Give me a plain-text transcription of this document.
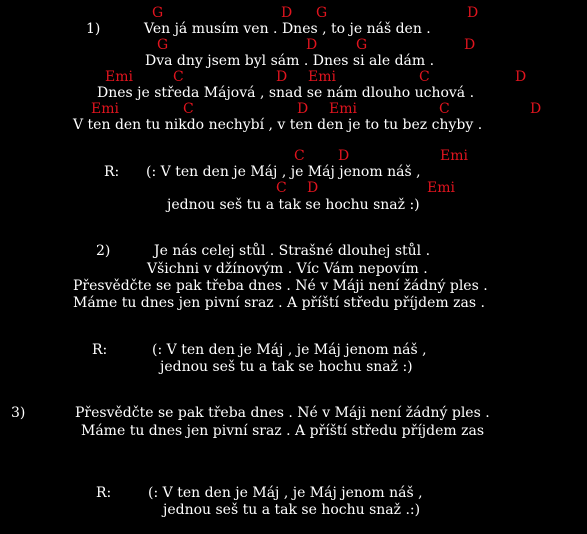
G

	D

G

	D

1)

	Ven já musím ven . Dnes , to je náš den .

G

	D

	G

	D

Dva dny jsem byl sám . Dnes si ale dám .

Emi

	C

	D

Emi

	C

	D

Dnes je středa Májová , snad se nám dlouho uchová .

Emi

	C

	D

Emi

	C

	D

V ten den tu nikdo nechybí , v ten den je to tu bez chyby .

C

D

	Emi

R:

(: V ten den je Máj , je Máj jenom náš ,

C

D

	Emi

jednou seš tu a tak se hochu snaž :)

2)

	Je nás celej stůl . Strašné dlouhej stůl .

Všichni v džínovým . Víc Vám nepovím .

Přesvědčte se pak třeba dnes . Né v Máji není žádný ples .

Máme tu dnes jen pivní sraz . A příští středu příjdem zas .

R:

	(: V ten den je Máj , je Máj jenom náš ,

jednou seš tu a tak se hochu snaž :)

3)

	Přesvědčte se pak třeba dnes . Né v Máji není žádný ples .

Máme tu dnes jen pivní sraz . A příští středu příjdem zas

R:

	(: V ten den je Máj , je Máj jenom náš ,

jednou seš tu a tak se hochu snaž .:)
